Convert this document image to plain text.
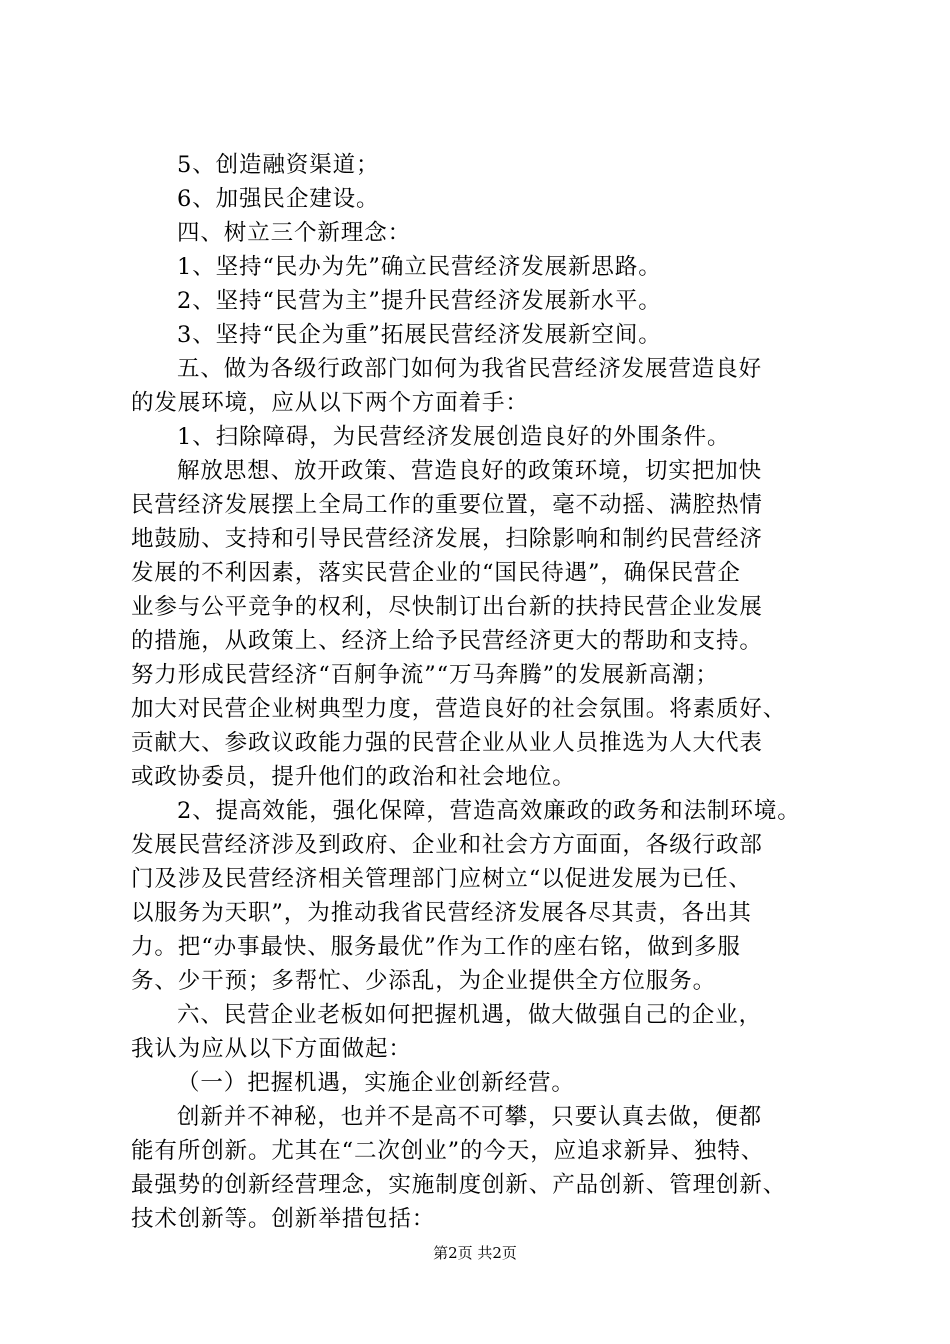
5、创造融资渠道；
6、加强民企建设。
四、树立三个新理念：
1、坚持“民办为先”确立民营经济发展新思路。
2、坚持“民营为主”提升民营经济发展新水平。
3、坚持“民企为重”拓展民营经济发展新空间。
五、做为各级行政部门如何为我省民营经济发展营造良好
的发展环境，应从以下两个方面着手：
1、扫除障碍，为民营经济发展创造良好的外围条件。
解放思想、放开政策、营造良好的政策环境，切实把加快
民营经济发展摆上全局工作的重要位置，毫不动摇、满腔热情
地鼓励、支持和引导民营经济发展，扫除影响和制约民营经济
发展的不利因素，落实民营企业的“国民待遇”，确保民营企
业参与公平竞争的权利，尽快制订出台新的扶持民营企业发展
的措施，从政策上、经济上给予民营经济更大的帮助和支持。
努力形成民营经济“百舸争流”“万马奔腾”的发展新高潮；
加大对民营企业树典型力度，营造良好的社会氛围。将素质好、
贡献大、参政议政能力强的民营企业从业人员推选为人大代表
或政协委员，提升他们的政治和社会地位。
2、提高效能，强化保障，营造高效廉政的政务和法制环境。
发展民营经济涉及到政府、企业和社会方方面面，各级行政部
门及涉及民营经济相关管理部门应树立“以促进发展为已任、
以服务为天职”，为推动我省民营经济发展各尽其责，各出其
力。把“办事最快、服务最优”作为工作的座右铭，做到多服
务、少干预；多帮忙、少添乱，为企业提供全方位服务。
六、民营企业老板如何把握机遇，做大做强自己的企业，
我认为应从以下方面做起：
（一）把握机遇，实施企业创新经营。
创新并不神秘，也并不是高不可攀，只要认真去做，便都
能有所创新。尤其在“二次创业”的今天，应追求新异、独特、
最强势的创新经营理念，实施制度创新、产品创新、管理创新、
技术创新等。创新举措包括：
第2页 共2页
